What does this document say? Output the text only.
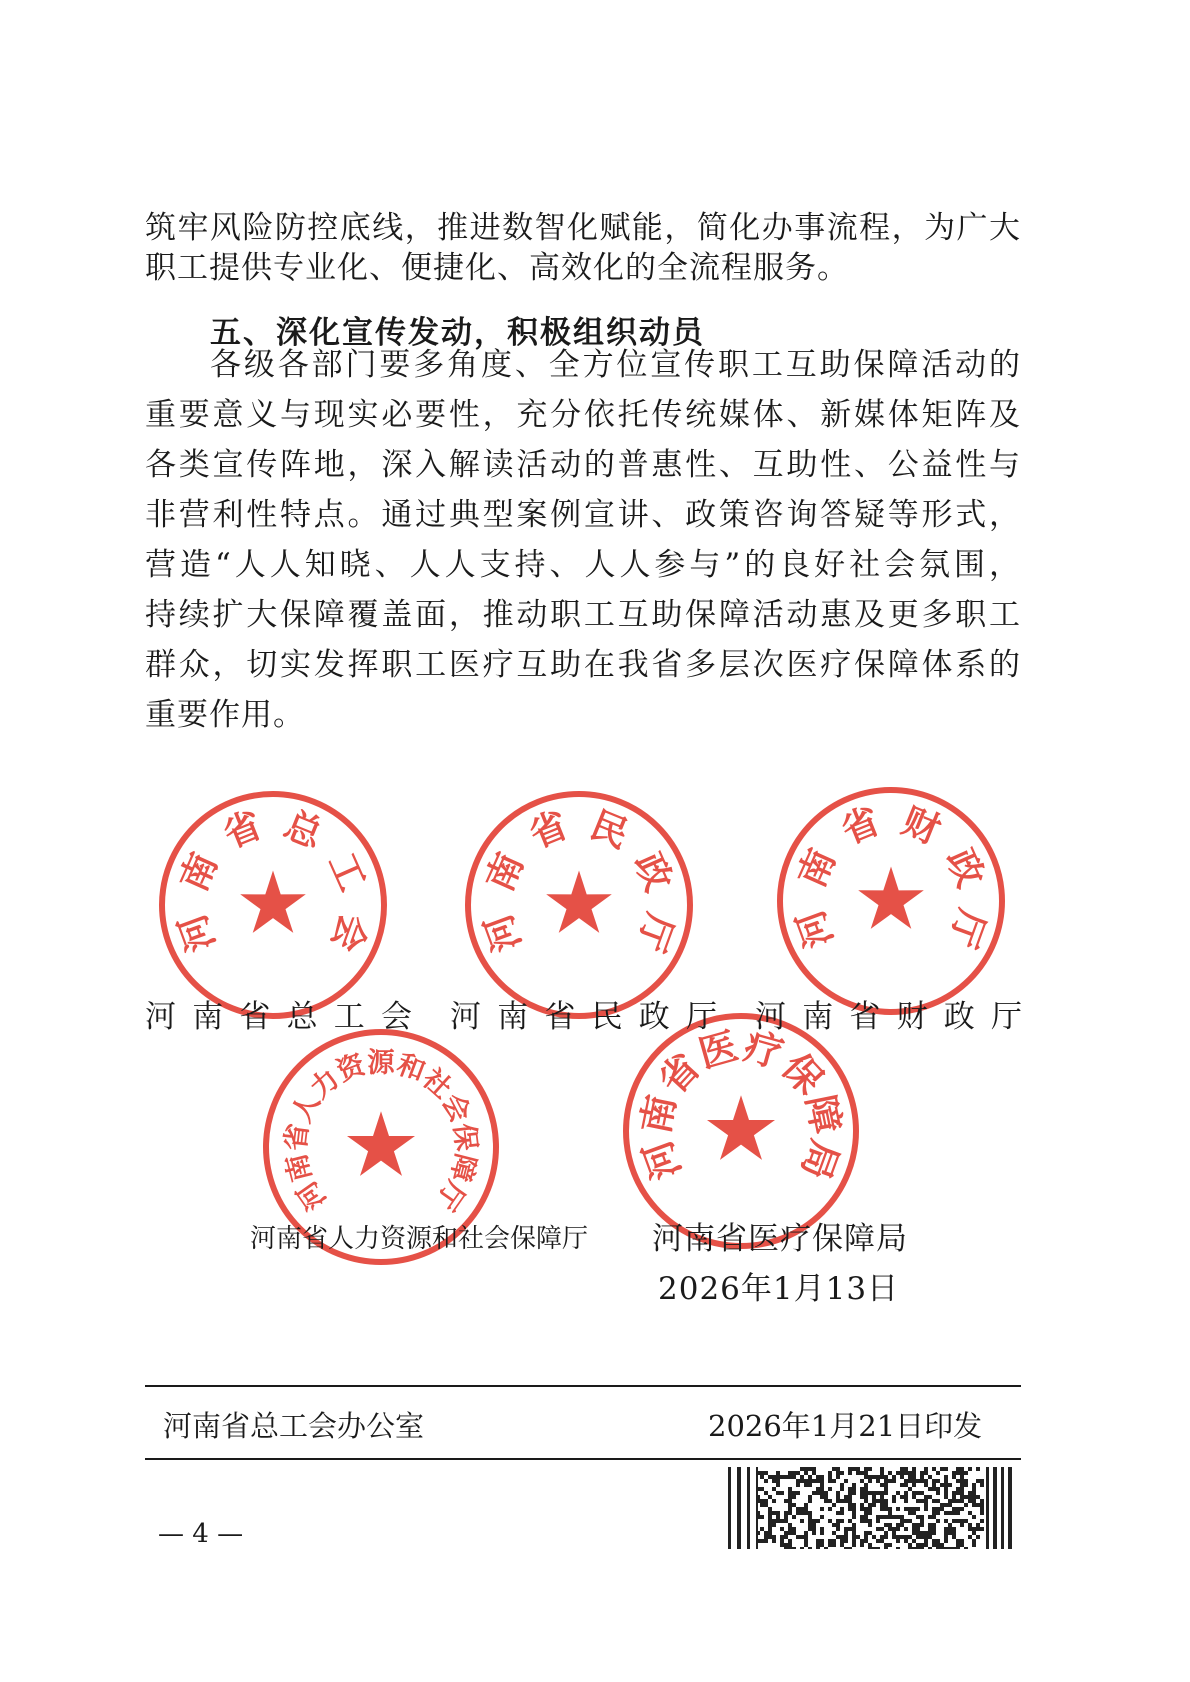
筑牢风险防控底线，推进数智化赋能，简化办事流程，为广大
职工提供专业化、便捷化、高效化的全流程服务。
五、深化宣传发动，积极组织动员
各级各部门要多角度、全方位宣传职工互助保障活动的
重要意义与现实必要性，充分依托传统媒体、新媒体矩阵及
各类宣传阵地，深入解读活动的普惠性、互助性、公益性与
非营利性特点。通过典型案例宣讲、政策咨询答疑等形式，
营造“人人知晓、人人支持、人人参与”的良好社会氛围，
持续扩大保障覆盖面，推动职工互助保障活动惠及更多职工
群众，切实发挥职工医疗互助在我省多层次医疗保障体系的
重要作用。
河
南
省 总
工
会	河
南
省 民
政
厅	河
南
省 财
政
厅
河
南
省
人
力
资
源
和
社
会
保
障
厅
河
南
省
医
疗
保
障
局
河南省总工会 河南省民政厅 河南省财政厅
河南省人力资源和社会保障厅 河南省医疗保障局
2026年1月13日
河南省总工会办公室	2026年1月21日印发
— 4 —
